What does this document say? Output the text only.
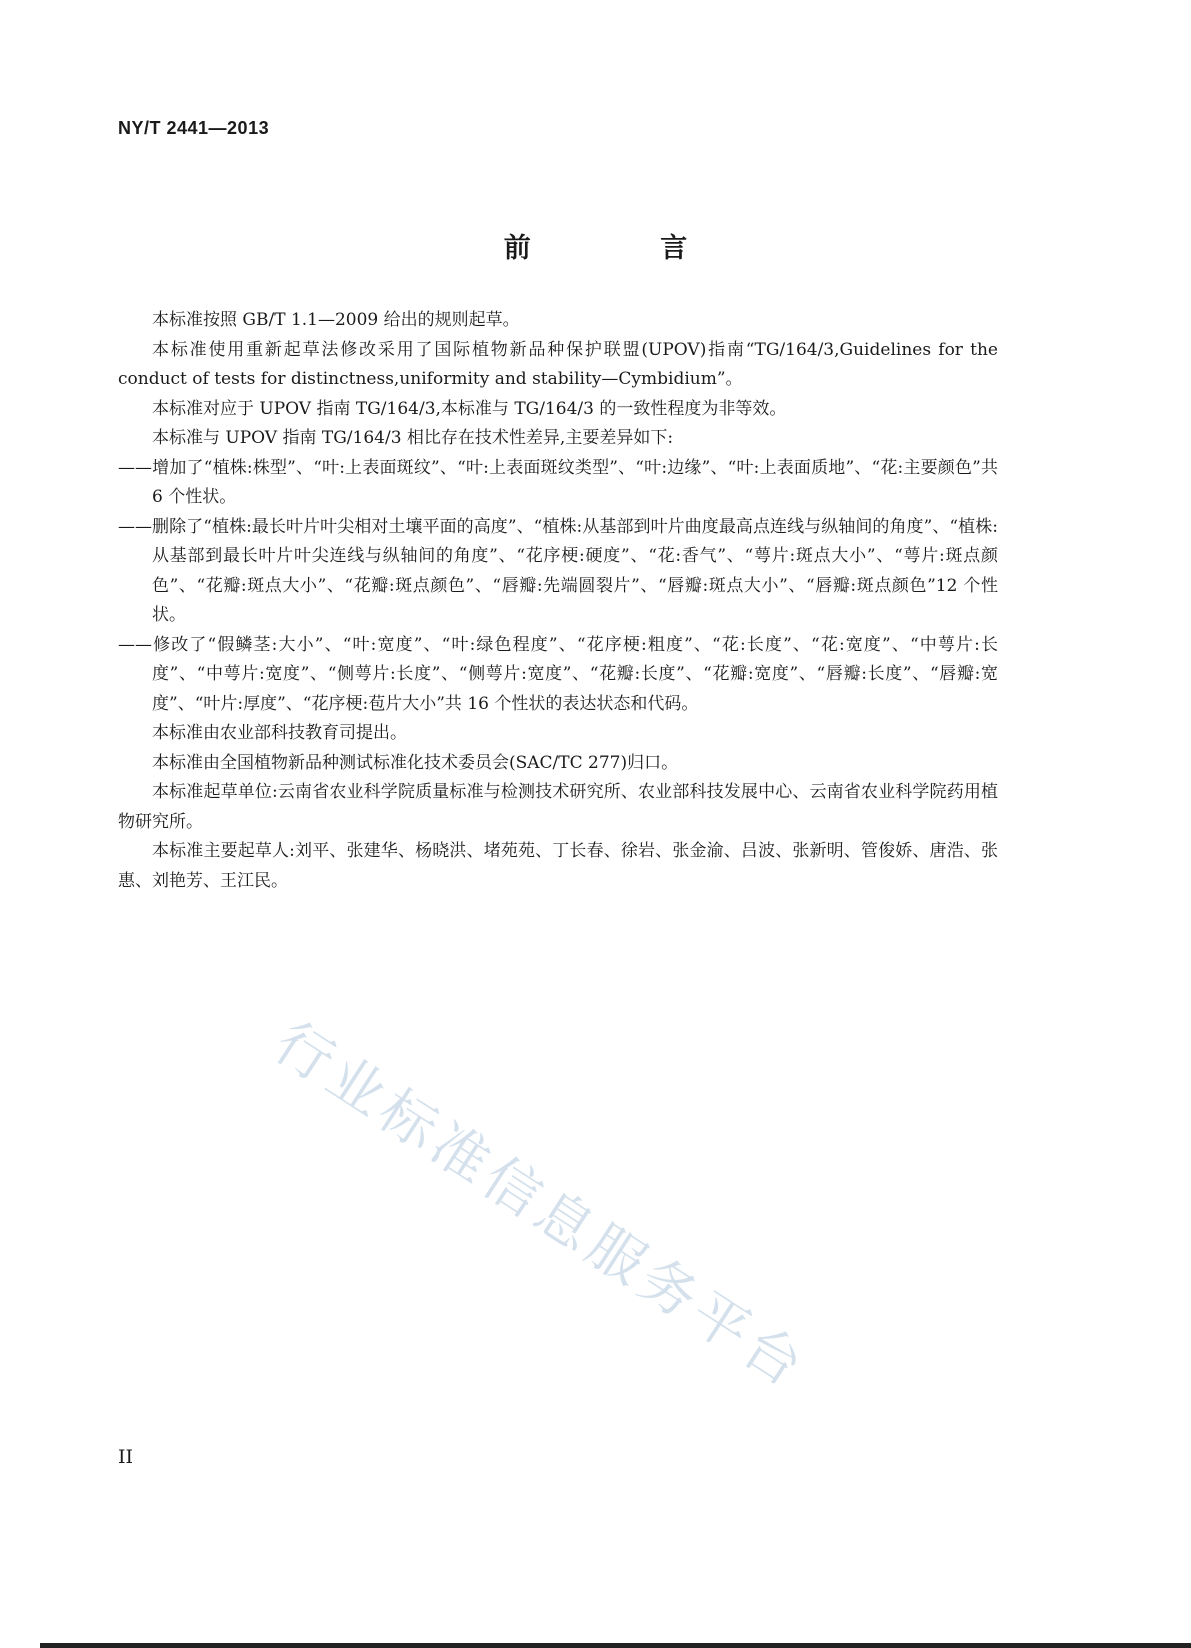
NY/T 2441—2013
前 言

本标准按照 GB/T 1.1—2009 给出的规则起草。

本标准使用重新起草法修改采用了国际植物新品种保护联盟(UPOV)指南“TG/164/3,Guidelines for the conduct of tests for distinctness,uniformity and stability—Cymbidium”。

本标准对应于 UPOV 指南 TG/164/3,本标准与 TG/164/3 的一致性程度为非等效。

本标准与 UPOV 指南 TG/164/3 相比存在技术性差异,主要差异如下:

——增加了“植株:株型”、“叶:上表面斑纹”、“叶:上表面斑纹类型”、“叶:边缘”、“叶:上表面质地”、“花:主要颜色”共 6 个性状。

——删除了“植株:最长叶片叶尖相对土壤平面的高度”、“植株:从基部到叶片曲度最高点连线与纵轴间的角度”、“植株:从基部到最长叶片叶尖连线与纵轴间的角度”、“花序梗:硬度”、“花:香气”、“萼片:斑点大小”、“萼片:斑点颜色”、“花瓣:斑点大小”、“花瓣:斑点颜色”、“唇瓣:先端圆裂片”、“唇瓣:斑点大小”、“唇瓣:斑点颜色”12 个性状。

——修改了“假鳞茎:大小”、“叶:宽度”、“叶:绿色程度”、“花序梗:粗度”、“花:长度”、“花:宽度”、“中萼片:长度”、“中萼片:宽度”、“侧萼片:长度”、“侧萼片:宽度”、“花瓣:长度”、“花瓣:宽度”、“唇瓣:长度”、“唇瓣:宽度”、“叶片:厚度”、“花序梗:苞片大小”共 16 个性状的表达状态和代码。

本标准由农业部科技教育司提出。

本标准由全国植物新品种测试标准化技术委员会(SAC/TC 277)归口。

本标准起草单位:云南省农业科学院质量标准与检测技术研究所、农业部科技发展中心、云南省农业科学院药用植物研究所。

本标准主要起草人:刘平、张建华、杨晓洪、堵苑苑、丁长春、徐岩、张金渝、吕波、张新明、管俊娇、唐浩、张惠、刘艳芳、王江民。

行业标准信息服务平台
II
